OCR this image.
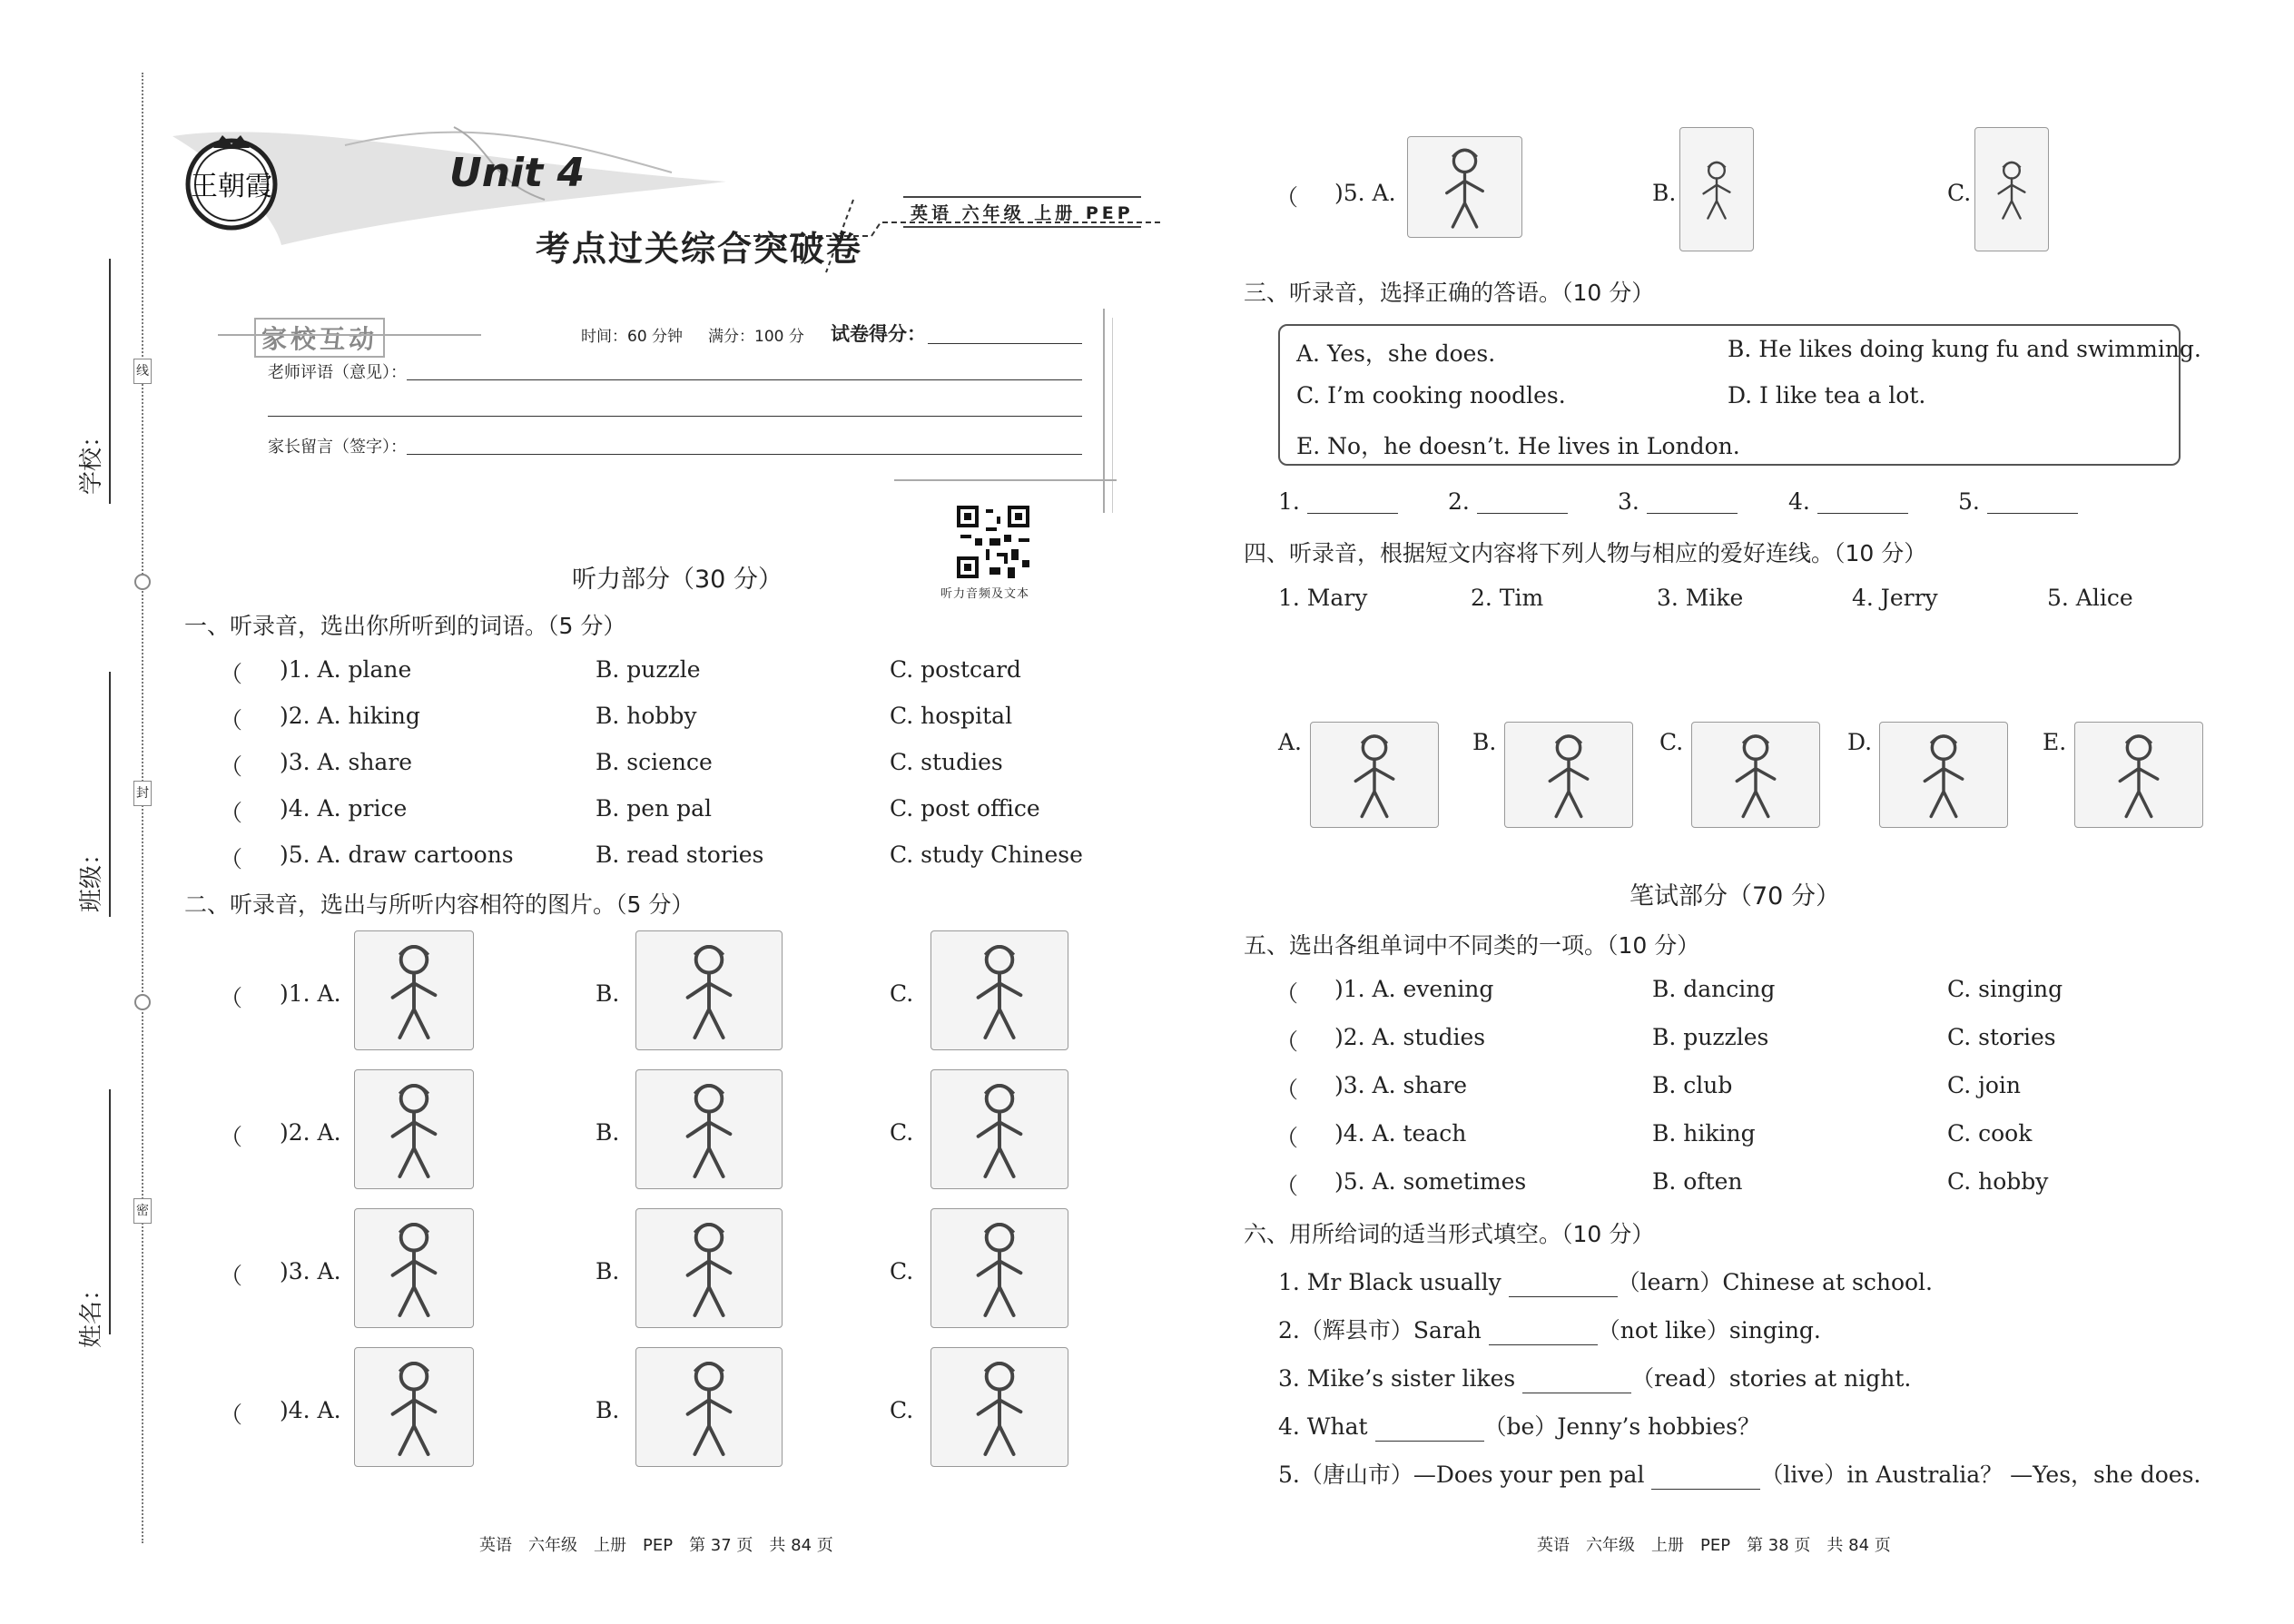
线
封
密
学校：
班级：
姓名：
王朝霞	Unit 4
考点过关综合突破卷
英语 六年级 上册 PEP
家校互动	时间：60 分钟 满分：100 分 试卷得分：
老师评语（意见）：
家长留言（签字）：
听力音频及文本
听力部分（30 分）
一、听录音，选出你所听到的词语。（5 分）
（ )1. A. plane	B. puzzle	C. postcard
（ )2. A. hiking	B. hobby	C. hospital
（ )3. A. share	B. science	C. studies
（ )4. A. price	B. pen pal	C. post office
（ )5. A. draw cartoons	B. read stories	C. study Chinese
二、听录音，选出与所听内容相符的图片。（5 分）
（ )1. A.	B.	C.
（ )2. A.	B.	C.
（ )3. A.	B.	C.
（ )4. A.	B.	C.
（ )5. A.	B.	C.
英语　六年级　上册　PEP　第 37 页　共 84 页
三、听录音，选择正确的答语。（10 分）
A. Yes，she does.	B. He likes doing kung fu and swimming.
C. I’m cooking noodles.	D. I like tea a lot.
E. No，he doesn’t. He lives in London.
1.	2.	3.	4.	5.
四、听录音，根据短文内容将下列人物与相应的爱好连线。（10 分）
1. Mary	2. Tim	3. Mike	4. Jerry	5. Alice
A.	B.	C.	D.	E.
笔试部分（70 分）
五、选出各组单词中不同类的一项。（10 分）
（ )1. A. evening	B. dancing	C. singing
（ )2. A. studies	B. puzzles	C. stories
（ )3. A. share	B. club	C. join
（ )4. A. teach	B. hiking	C. cook
（ )5. A. sometimes	B. often	C. hobby
六、用所给词的适当形式填空。（10 分）
1. Mr Black usually	（learn）Chinese at school.
2.（辉县市）Sarah	（not like）singing.
3. Mike’s sister likes	（read）stories at night.
4. What	（be）Jenny’s hobbies？
5.（唐山市）—Does your pen pal	（live）in Australia？ —Yes，she does.
英语　六年级　上册　PEP　第 38 页　共 84 页
